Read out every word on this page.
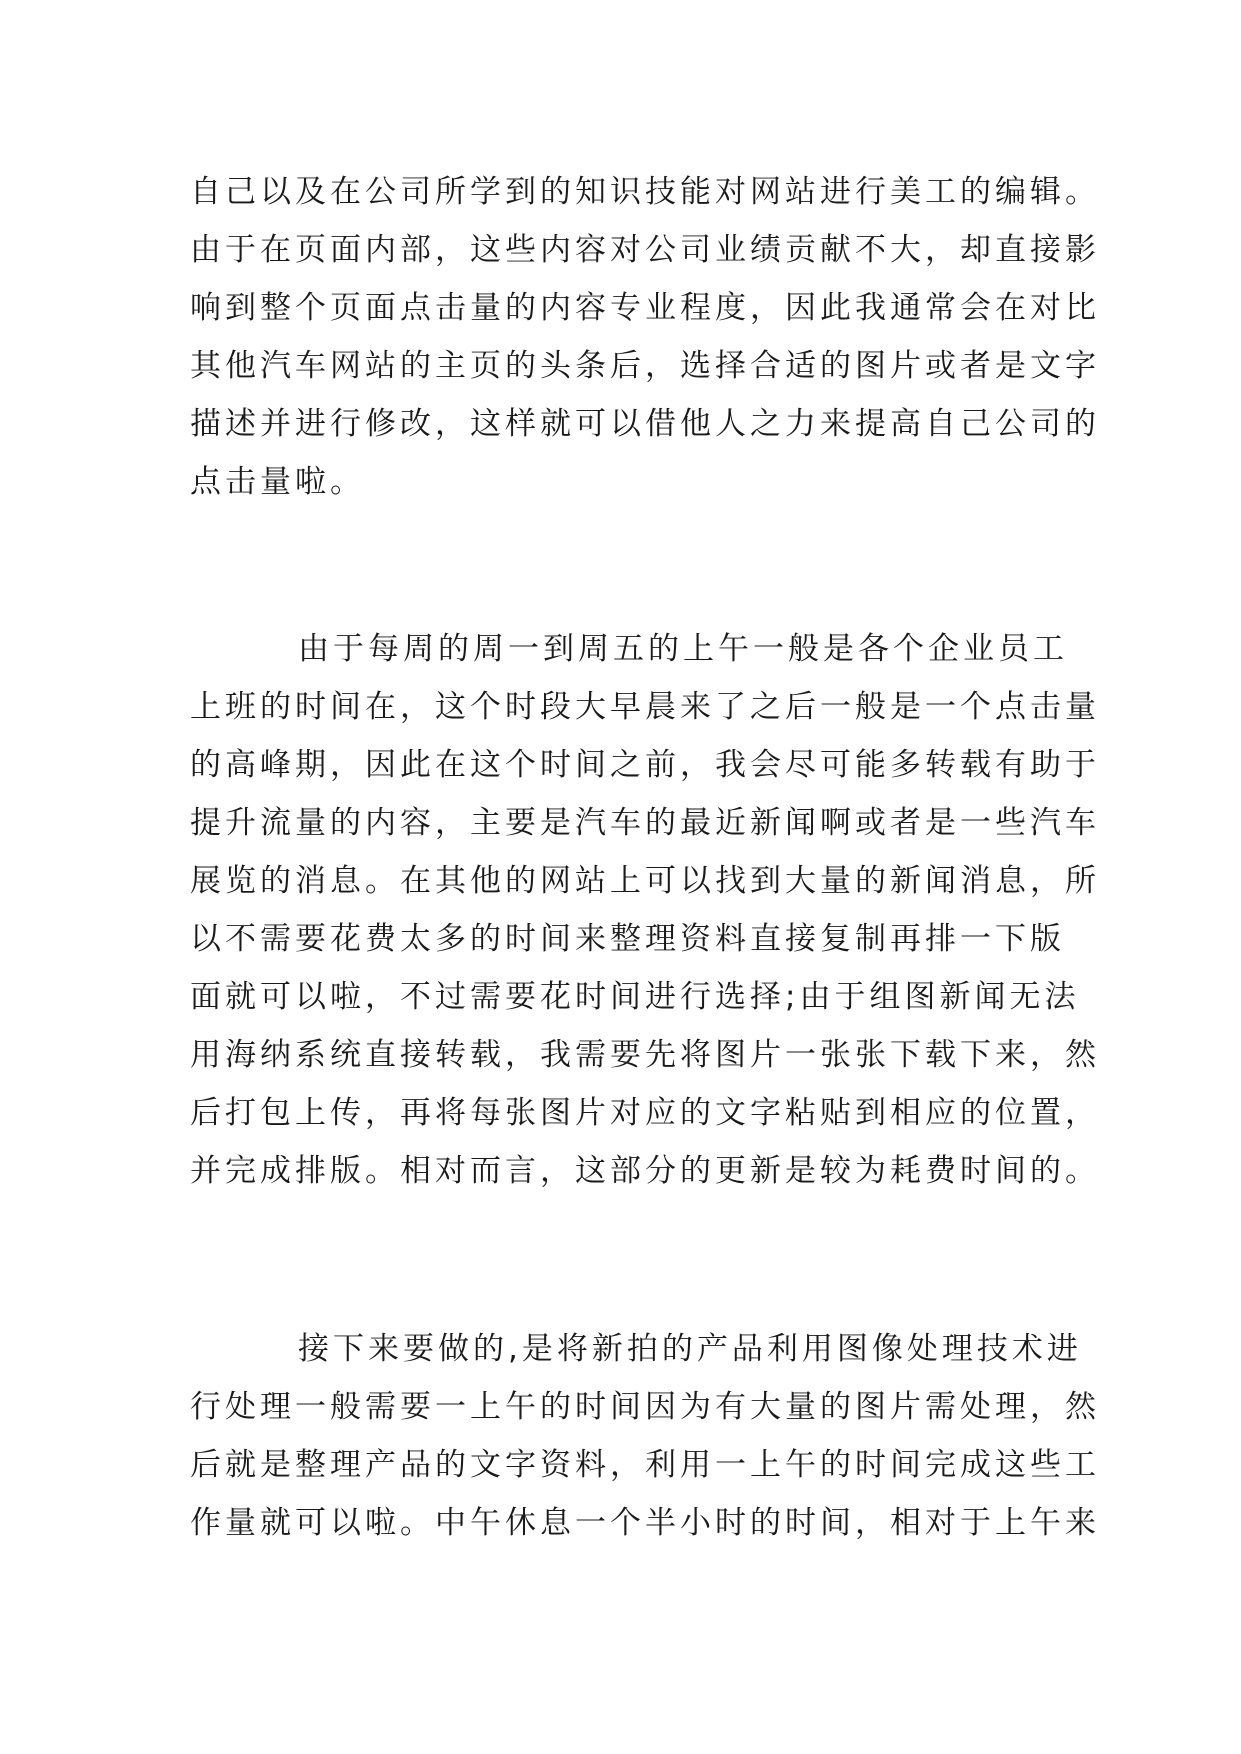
自己以及在公司所学到的知识技能对网站进行美工的编辑。
由于在页面内部，这些内容对公司业绩贡献不大，却直接影
响到整个页面点击量的内容专业程度，因此我通常会在对比
其他汽车网站的主页的头条后，选择合适的图片或者是文字
描述并进行修改，这样就可以借他人之力来提高自己公司的
点击量啦。
由于每周的周一到周五的上午一般是各个企业员工
上班的时间在，这个时段大早晨来了之后一般是一个点击量
的高峰期，因此在这个时间之前，我会尽可能多转载有助于
提升流量的内容，主要是汽车的最近新闻啊或者是一些汽车
展览的消息。在其他的网站上可以找到大量的新闻消息，所
以不需要花费太多的时间来整理资料直接复制再排一下版
面就可以啦，不过需要花时间进行选择;由于组图新闻无法
用海纳系统直接转载，我需要先将图片一张张下载下来，然
后打包上传，再将每张图片对应的文字粘贴到相应的位置，
并完成排版。相对而言，这部分的更新是较为耗费时间的。
接下来要做的,是将新拍的产品利用图像处理技术进
行处理一般需要一上午的时间因为有大量的图片需处理，然
后就是整理产品的文字资料，利用一上午的时间完成这些工
作量就可以啦。中午休息一个半小时的时间，相对于上午来
